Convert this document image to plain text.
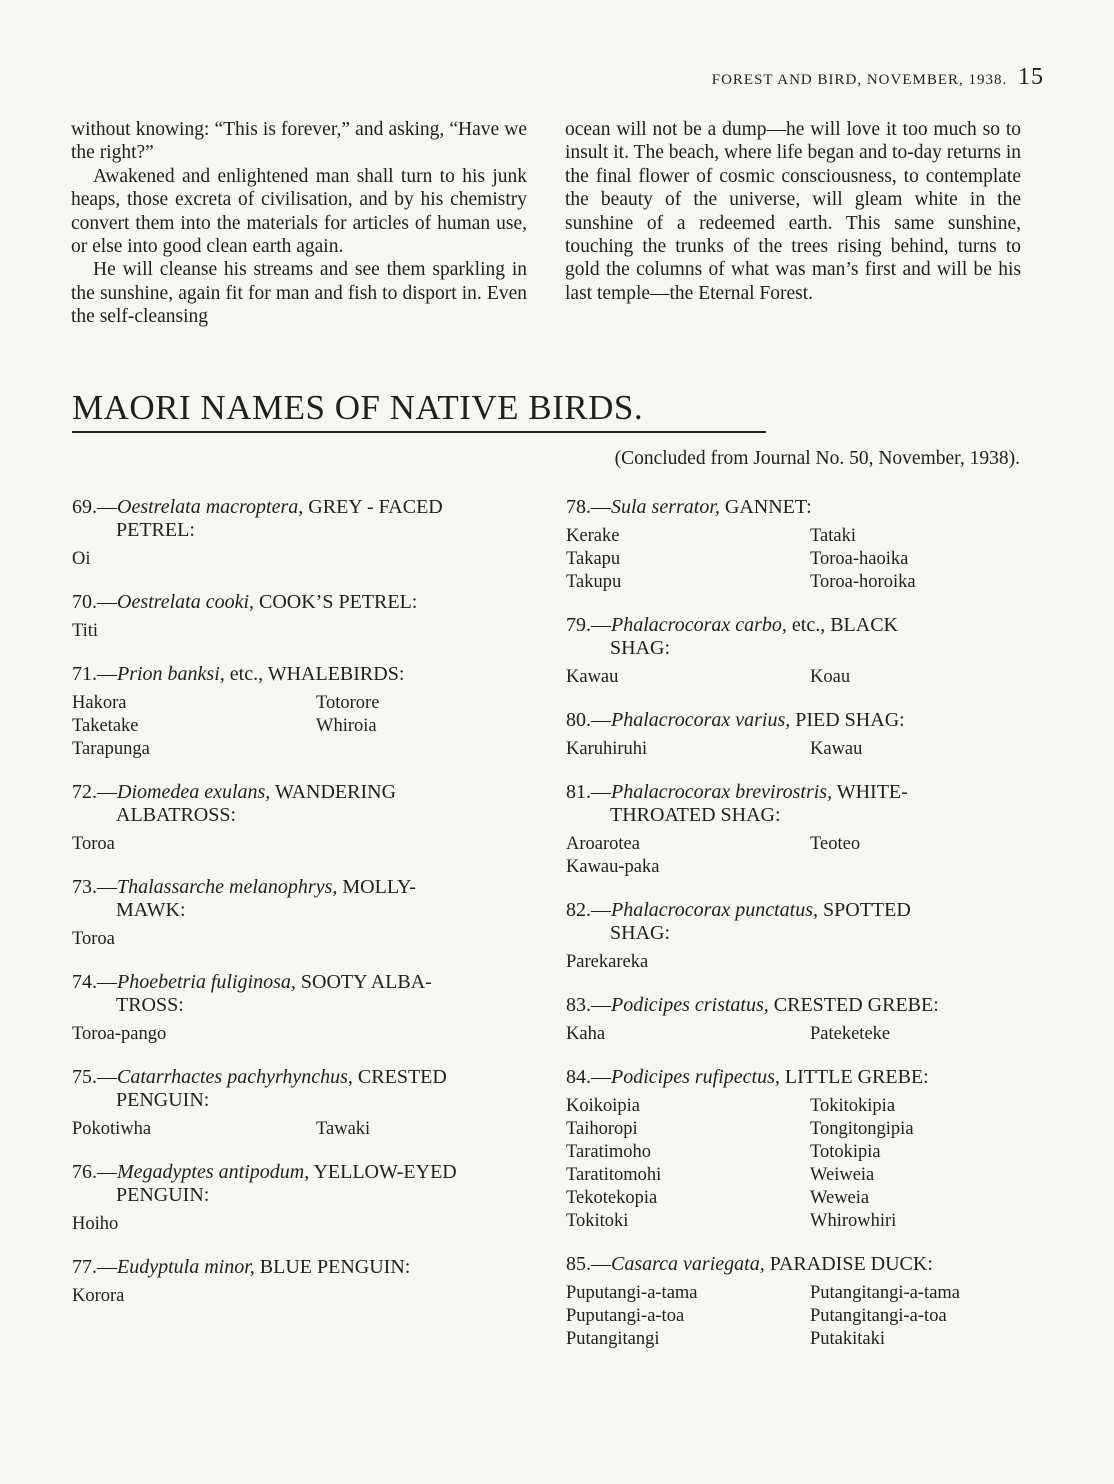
FOREST AND BIRD, NOVEMBER, 1938. 15

without knowing: “This is forever,” and asking, “Have we the right?”

Awakened and enlightened man shall turn to his junk heaps, those excreta of civilisation, and by his chemistry convert them into the materials for articles of human use, or else into good clean earth again.

He will cleanse his streams and see them sparkling in the sunshine, again fit for man and fish to disport in. Even the self-cleansing

ocean will not be a dump—he will love it too much so to insult it. The beach, where life began and to-day returns in the final flower of cosmic consciousness, to contemplate the beauty of the universe, will gleam white in the sunshine of a redeemed earth. This same sunshine, touching the trunks of the trees rising behind, turns to gold the columns of what was man’s first and will be his last temple—the Eternal Forest.

MAORI NAMES OF NATIVE BIRDS.
(Concluded from Journal No. 50, November, 1938).
69.—Oestrelata macroptera, GREY - FACED
PETREL:
Oi
70.—Oestrelata cooki, COOK’S PETREL:
Titi
71.—Prion banksi, etc., WHALEBIRDS:
Hakora	Totorore
Taketake	Whiroia
Tarapunga
72.—Diomedea exulans, WANDERING
ALBATROSS:
Toroa
73.—Thalassarche melanophrys, MOLLY-
MAWK:
Toroa
74.—Phoebetria fuliginosa, SOOTY ALBA-
TROSS:
Toroa-pango
75.—Catarrhactes pachyrhynchus, CRESTED
PENGUIN:
Pokotiwha	Tawaki
76.—Megadyptes antipodum, YELLOW-EYED
PENGUIN:
Hoiho
77.—Eudyptula minor, BLUE PENGUIN:
Korora
78.—Sula serrator, GANNET:
Kerake	Tataki
Takapu	Toroa-haoika
Takupu	Toroa-horoika
79.—Phalacrocorax carbo, etc., BLACK
SHAG:
Kawau	Koau
80.—Phalacrocorax varius, PIED SHAG:
Karuhiruhi	Kawau
81.—Phalacrocorax brevirostris, WHITE-
THROATED SHAG:
Aroarotea	Teoteo
Kawau-paka
82.—Phalacrocorax punctatus, SPOTTED
SHAG:
Parekareka
83.—Podicipes cristatus, CRESTED GREBE:
Kaha	Pateketeke
84.—Podicipes rufipectus, LITTLE GREBE:
Koikoipia	Tokitokipia
Taihoropi	Tongitongipia
Taratimoho	Totokipia
Taratitomohi	Weiweia
Tekotekopia	Weweia
Tokitoki	Whirowhiri
85.—Casarca variegata, PARADISE DUCK:
Puputangi-a-tama	Putangitangi-a-tama
Puputangi-a-toa	Putangitangi-a-toa
Putangitangi	Putakitaki
